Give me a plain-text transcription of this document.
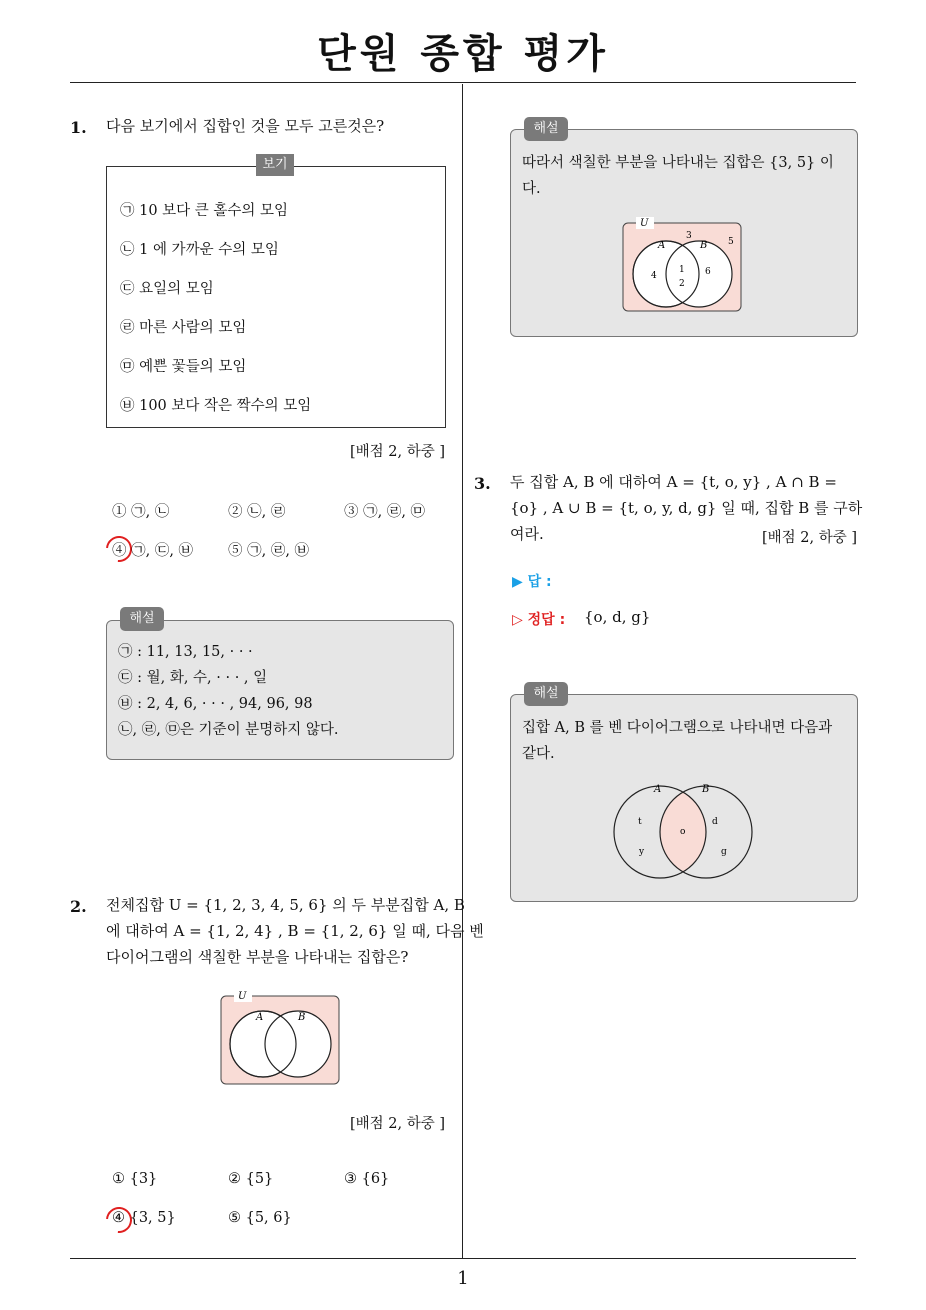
단원 종합 평가
1. 다음 보기에서 집합인 것을 모두 고른것은?
보기
㉠ 10 보다 큰 홀수의 모임
㉡ 1 에 가까운 수의 모임
㉢ 요일의 모임
㉣ 마른 사람의 모임
㉤ 예쁜 꽃들의 모임
㉥ 100 보다 작은 짝수의 모임
[배점 2, 하중 ]
① ㉠, ㉡	② ㉡, ㉣	③ ㉠, ㉣, ㉤
④ ㉠, ㉢, ㉥ ⑤ ㉠, ㉣, ㉥
해설
㉠ : 11, 13, 15, · · ·
㉢ : 월, 화, 수, · · · , 일
㉥ : 2, 4, 6, · · · , 94, 96, 98
㉡, ㉣, ㉤은 기준이 분명하지 않다.
2. 전체집합 U = {1, 2, 3, 4, 5, 6} 의 두 부분집합 A, B
에 대하여 A = {1, 2, 4} , B = {1, 2, 6} 일 때, 다음 벤
다이어그램의 색칠한 부분을 나타내는 집합은?
U
A	B
[배점 2, 하중 ]
① {3}	② {5}	③ {6}
④ {3, 5}	⑤ {5, 6}
해설
따라서 색칠한 부분을 나타내는 집합은 {3, 5} 이
다.
U
A	B
3
5
4
1
2
6
3. 두 집합 A, B 에 대하여 A = {t, o, y} , A ∩ B =
{o} , A ∪ B = {t, o, y, d, g} 일 때, 집합 B 를 구하
여라.	[배점 2, 하중 ]
▶ 답 :
▷ 정답 : {o, d, g}
해설
집합 A, B 를 벤 다이어그램으로 나타내면 다음과
같다.
A	B
t
y
o
d
g
1
